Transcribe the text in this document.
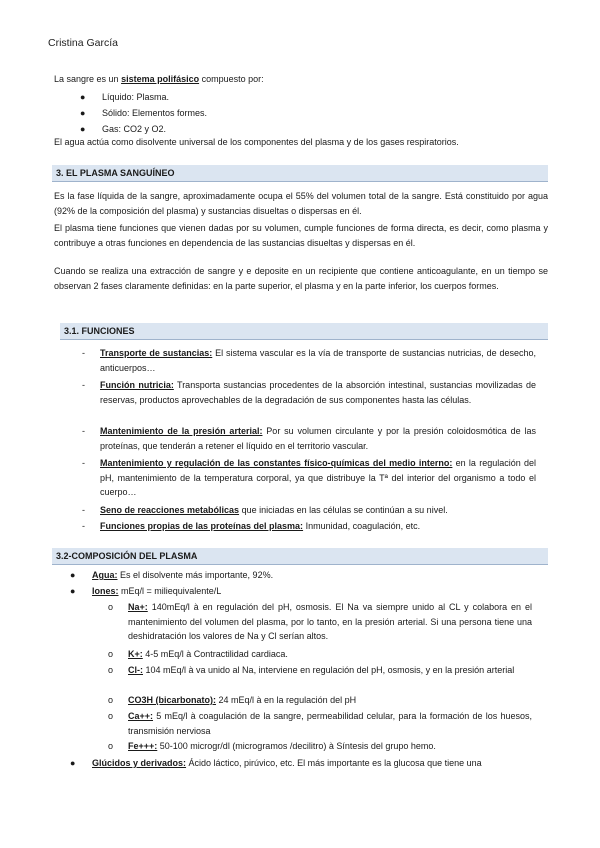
Cristina García
La sangre es un sistema polifásico compuesto por:
● Líquido: Plasma.
● Sólido: Elementos formes.
● Gas: CO2 y O2.
El agua actúa como disolvente universal de los componentes del plasma y de los gases respiratorios.
3. EL PLASMA SANGUÍNEO
Es la fase líquida de la sangre, aproximadamente ocupa el 55% del volumen total de la sangre. Está constituido por agua (92% de la composición del plasma) y sustancias disueltas o dispersas en él.
El plasma tiene funciones que vienen dadas por su volumen, cumple funciones de forma directa, es decir, como plasma y contribuye a otras funciones en dependencia de las sustancias disueltas y dispersas en él.
Cuando se realiza una extracción de sangre y e deposite en un recipiente que contiene anticoagulante, en un tiempo se observan 2 fases claramente definidas: en la parte superior, el plasma y en la parte inferior, los cuerpos formes.
3.1. FUNCIONES
- Transporte de sustancias: El sistema vascular es la vía de transporte de sustancias nutricias, de desecho, anticuerpos…
- Función nutricia: Transporta sustancias procedentes de la absorción intestinal, sustancias movilizadas de reservas, productos aprovechables de la degradación de sus componentes hasta las células.
- Mantenimiento de la presión arterial: Por su volumen circulante y por la presión coloidosmótica de las proteínas, que tenderán a retener el líquido en el territorio vascular.
- Mantenimiento y regulación de las constantes físico-químicas del medio interno: en la regulación del pH, mantenimiento de la temperatura corporal, ya que distribuye la Tª del interior del organismo a todo el cuerpo…
- Seno de reacciones metabólicas que iniciadas en las células se continúan a su nivel.
- Funciones propias de las proteínas del plasma: Inmunidad, coagulación, etc.
3.2-COMPOSICIÓN DEL PLASMA
● Agua: Es el disolvente más importante, 92%.
● Iones: mEq/l = miliequivalente/L
o Na+: 140mEq/l à en regulación del pH, osmosis. El Na va siempre unido al CL y colabora en el mantenimiento del volumen del plasma, por lo tanto, en la presión arterial. Si una persona tiene una deshidratación los valores de Na y Cl serían altos.
o K+: 4-5 mEq/l à Contractilidad cardiaca.
o Cl-: 104 mEq/l à va unido al Na, interviene en regulación del pH, osmosis, y en la presión arterial
o CO3H (bicarbonato): 24 mEq/l à en la regulación del pH
o Ca++: 5 mEq/l à coagulación de la sangre, permeabilidad celular, para la formación de los huesos, transmisión nerviosa
o Fe+++: 50-100 microgr/dl (microgramos /decilitro) à Síntesis del grupo hemo.
● Glúcidos y derivados: Ácido láctico, pirúvico, etc. El más importante es la glucosa que tiene una
